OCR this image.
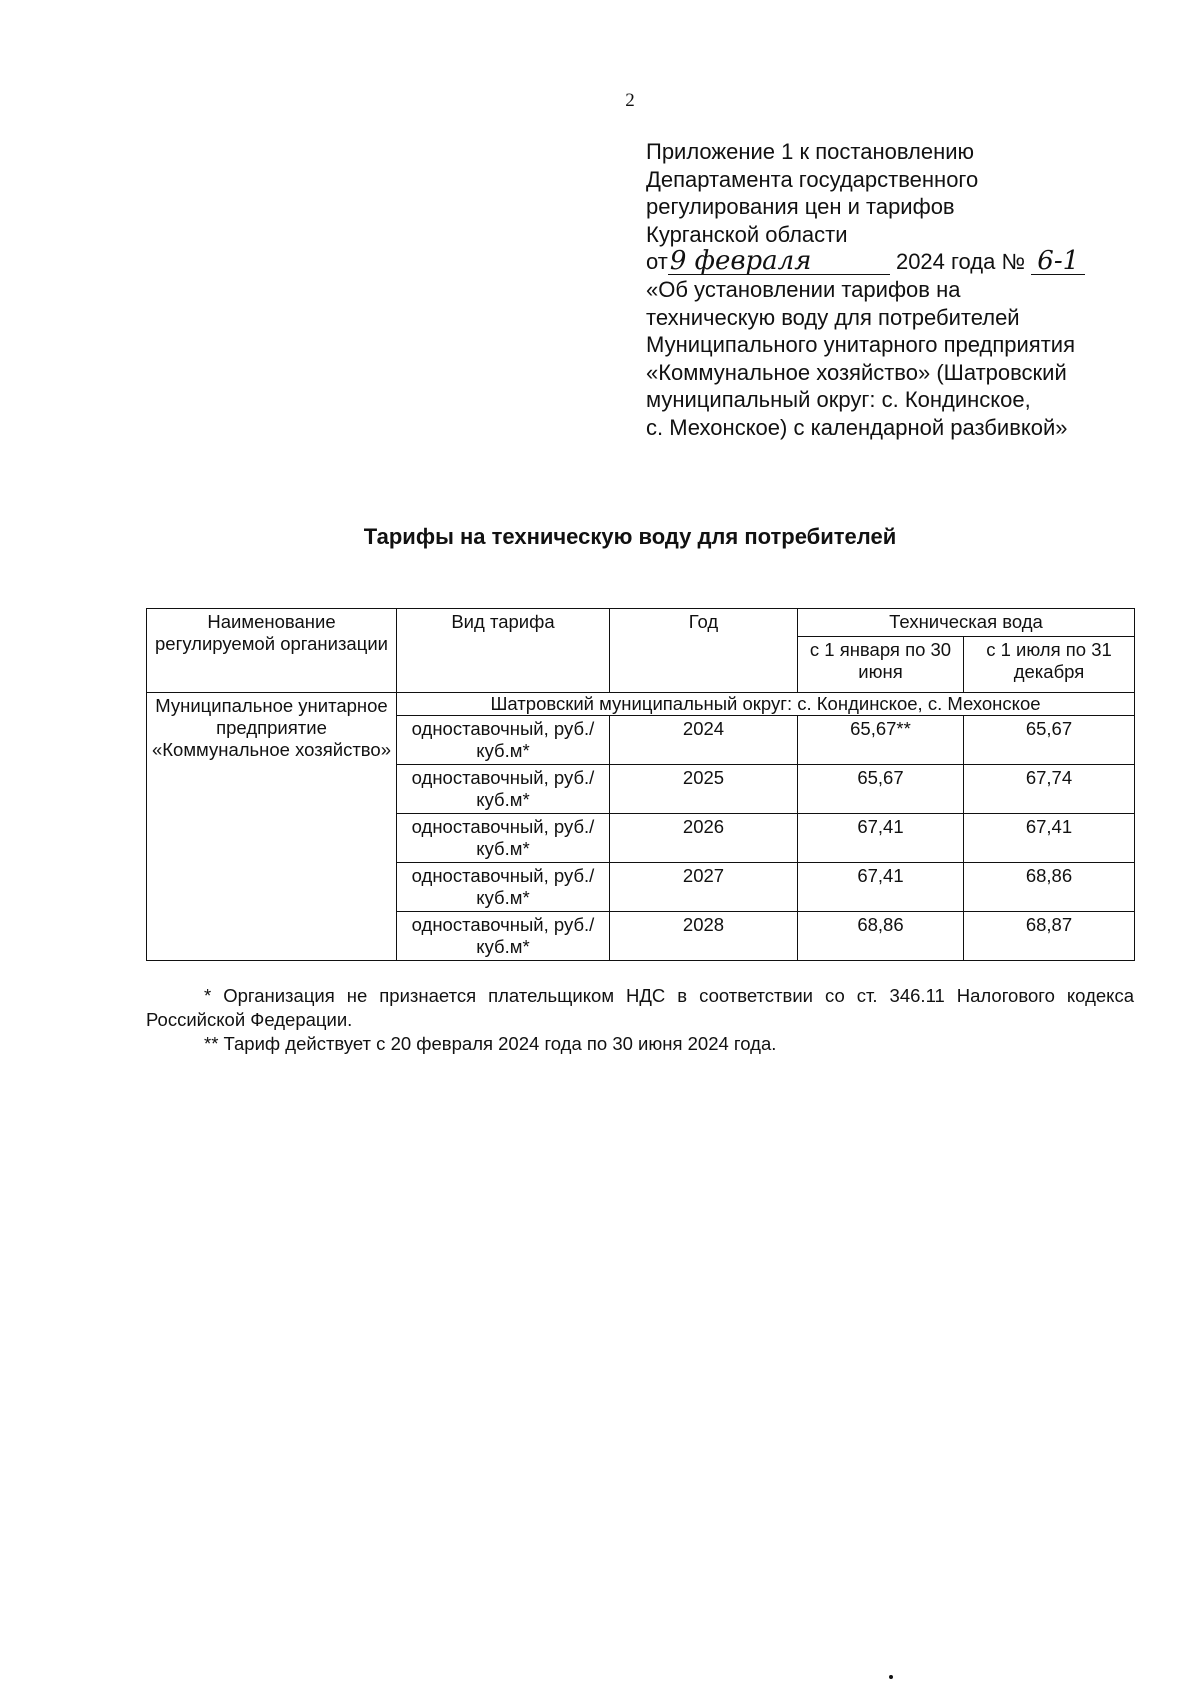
2
Приложение 1 к постановлению
Департамента государственного
регулирования цен и тарифов
Курганской области
от9 февраля	2024 года № 6-1
«Об установлении тарифов на
техническую воду для потребителей
Муниципального унитарного предприятия
«Коммунальное хозяйство» (Шатровский
муниципальный округ: с. Кондинское,
с. Мехонское) с календарной разбивкой»
Тарифы на техническую воду для потребителей
Наименование регулируемой организации	Вид тарифа	Год	Техническая вода	
			с 1 января по 30 июня	с 1 июля по 31 декабря
Муниципальное унитарное предприятие «Коммунальное хозяйство»	Шатровский муниципальный округ: с. Кондинское, с. Мехонское			
	одноставочный, руб./куб.м*	2024	65,67**	65,67
	одноставочный, руб./куб.м*	2025	65,67	67,74
	одноставочный, руб./куб.м*	2026	67,41	67,41
	одноставочный, руб./куб.м*	2027	67,41	68,86
	одноставочный, руб./куб.м*	2028	68,86	68,87

* Организация не признается плательщиком НДС в соответствии со ст. 346.11 Налогового кодекса Российской Федерации.

** Тариф действует с 20 февраля 2024 года по 30 июня 2024 года.
